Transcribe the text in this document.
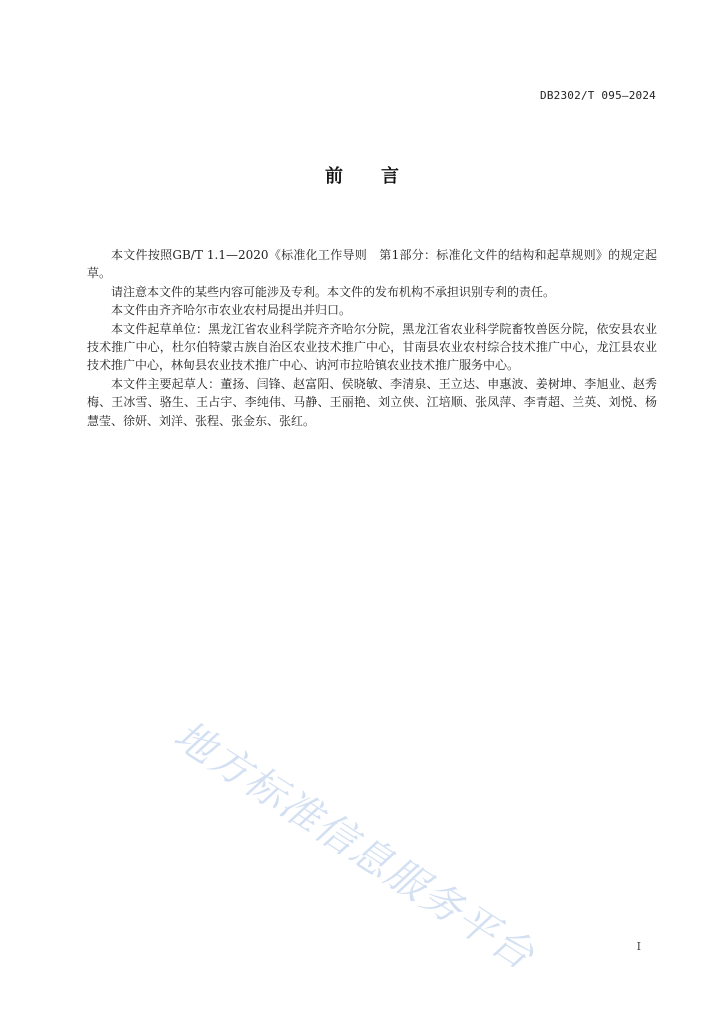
DB2302/T 095—2024
前言

本文件按照GB/T 1.1—2020《标准化工作导则　第1部分：标准化文件的结构和起草规则》的规定起草。

请注意本文件的某些内容可能涉及专利。本文件的发布机构不承担识别专利的责任。

本文件由齐齐哈尔市农业农村局提出并归口。

本文件起草单位：黑龙江省农业科学院齐齐哈尔分院，黑龙江省农业科学院畜牧兽医分院，依安县农业技术推广中心，杜尔伯特蒙古族自治区农业技术推广中心，甘南县农业农村综合技术推广中心，龙江县农业技术推广中心，林甸县农业技术推广中心、讷河市拉哈镇农业技术推广服务中心。

本文件主要起草人：董扬、闫锋、赵富阳、侯晓敏、李清泉、王立达、申惠波、姜树坤、李旭业、赵秀梅、王冰雪、骆生、王占宇、李纯伟、马静、王丽艳、刘立侠、江培顺、张凤萍、李青超、兰英、刘悦、杨慧莹、徐妍、刘洋、张程、张金东、张红。

地方标准信息服务平台	I
